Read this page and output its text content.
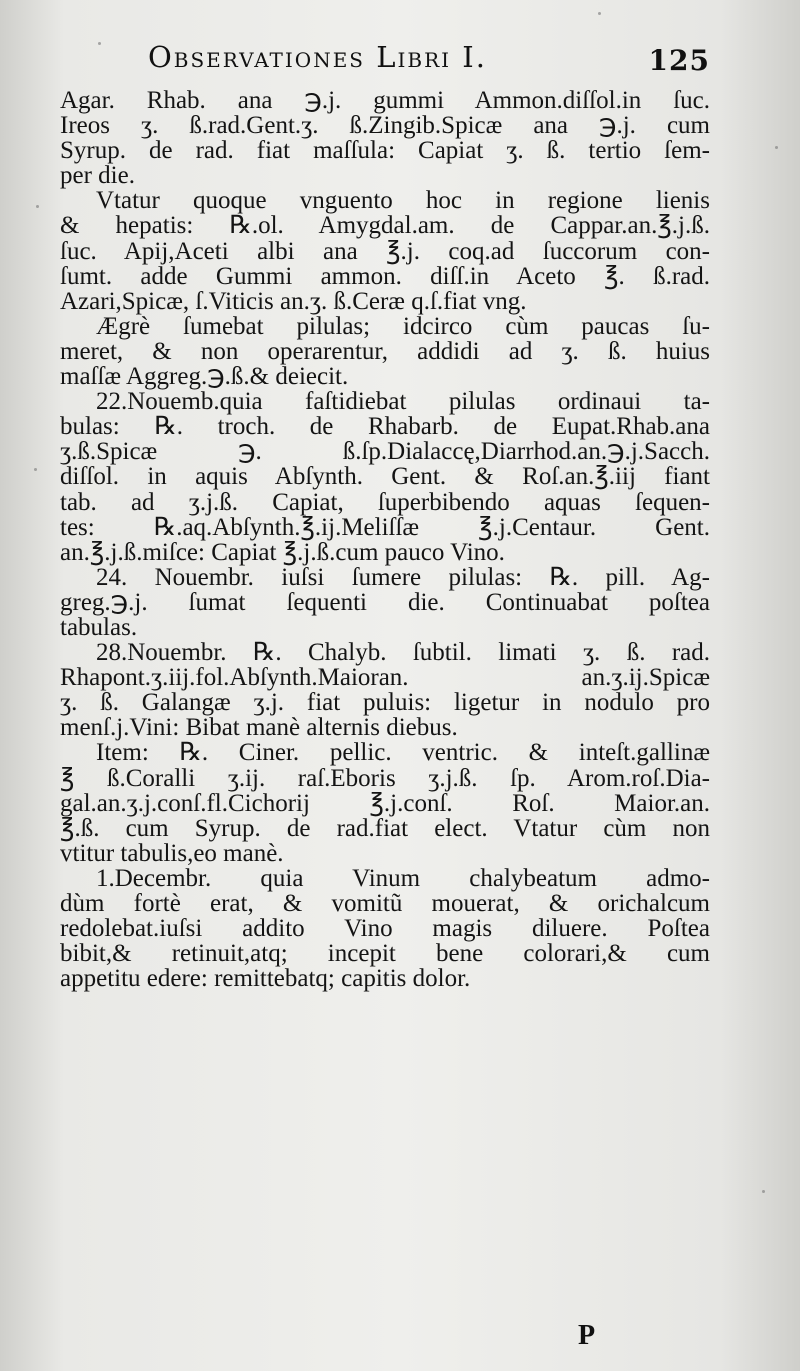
Observationes Libri I.	125
Agar. Rhab. ana ℈.j. gummi Ammon.diſſol.in ſuc.
Ireos ʒ. ß.rad.Gent.ʒ. ß.Zingib.Spicæ ana ℈.j. cum
Syrup. de rad. fiat maſſula: Capiat ʒ. ß. tertio ſem-
per die.
Vtatur quoque vnguento hoc in regione lienis
& hepatis: ℞.ol. Amygdal.am. de Cappar.an.℥.j.ß.
ſuc. Apij,Aceti albi ana ℥.j. coq.ad ſuccorum con-
ſumt. adde Gummi ammon. diſſ.in Aceto ℥. ß.rad.
Azari,Spicæ, ſ.Viticis an.ʒ. ß.Ceræ q.ſ.fiat vng.
Ægrè ſumebat pilulas; idcirco cùm paucas ſu-
meret, & non operarentur, addidi ad ʒ. ß. huius
maſſæ Aggreg.℈.ß.& deiecit.
22.Nouemb.quia faſtidiebat pilulas ordinaui ta-
bulas: ℞. troch. de Rhabarb. de Eupat.Rhab.ana
ʒ.ß.Spicæ ℈. ß.ſp.Dialaccę,Diarrhod.an.℈.j.Sacch.
diſſol. in aquis Abſynth. Gent. & Roſ.an.℥.iij fiant
tab. ad ʒ.j.ß. Capiat, ſuperbibendo aquas ſequen-
tes: ℞.aq.Abſynth.℥.ij.Meliſſæ ℥.j.Centaur. Gent.
an.℥.j.ß.miſce: Capiat ℥.j.ß.cum pauco Vino.
24. Nouembr. iuſsi ſumere pilulas: ℞. pill. Ag-
greg.℈.j. ſumat ſequenti die. Continuabat poſtea
tabulas.
28.Nouembr. ℞. Chalyb. ſubtil. limati ʒ. ß. rad.
Rhapont.ʒ.iij.fol.Abſynth.Maioran. an.ʒ.ij.Spicæ
ʒ. ß. Galangæ ʒ.j. fiat puluis: ligetur in nodulo pro
menſ.j.Vini: Bibat manè alternis diebus.
Item: ℞. Ciner. pellic. ventric. & inteſt.gallinæ
℥ ß.Coralli ʒ.ij. raſ.Eboris ʒ.j.ß. ſp. Arom.roſ.Dia-
gal.an.ʒ.j.conſ.fl.Cichorij ℥.j.conſ. Roſ. Maior.an.
℥.ß. cum Syrup. de rad.fiat elect. Vtatur cùm non
vtitur tabulis,eo manè.
1.Decembr. quia Vinum chalybeatum admo-
dùm fortè erat, & vomitũ mouerat, & orichalcum
redolebat.iuſsi addito Vino magis diluere. Poſtea
bibit,& retinuit,atq; incepit bene colorari,& cum
appetitu edere: remittebatq; capitis dolor.
P
